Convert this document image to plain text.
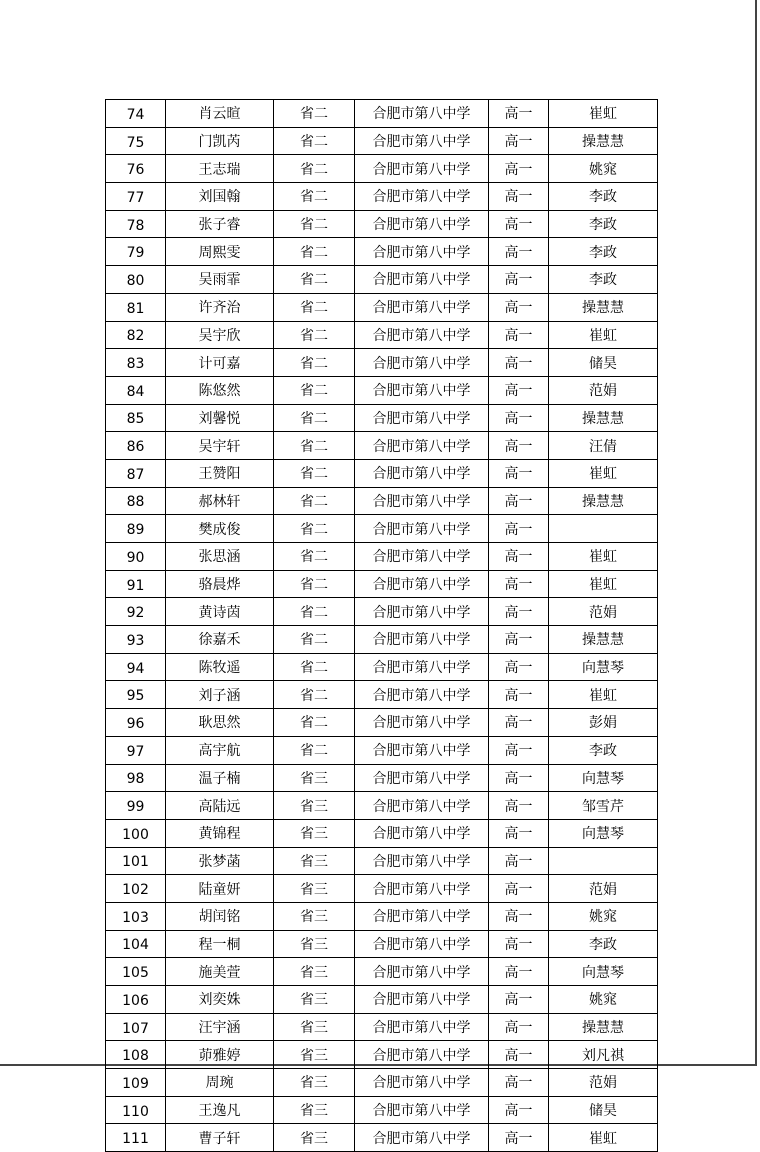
74	肖云暄	省二	合肥市第八中学	高一	崔虹
75	门凯芮	省二	合肥市第八中学	高一	操慧慧
76	王志瑞	省二	合肥市第八中学	高一	姚窕
77	刘国翰	省二	合肥市第八中学	高一	李政
78	张子睿	省二	合肥市第八中学	高一	李政
79	周熙雯	省二	合肥市第八中学	高一	李政
80	吴雨霏	省二	合肥市第八中学	高一	李政
81	许齐治	省二	合肥市第八中学	高一	操慧慧
82	吴宇欣	省二	合肥市第八中学	高一	崔虹
83	计可嘉	省二	合肥市第八中学	高一	储昊
84	陈悠然	省二	合肥市第八中学	高一	范娟
85	刘馨悦	省二	合肥市第八中学	高一	操慧慧
86	吴宇轩	省二	合肥市第八中学	高一	汪倩
87	王赞阳	省二	合肥市第八中学	高一	崔虹
88	郝林轩	省二	合肥市第八中学	高一	操慧慧
89	樊成俊	省二	合肥市第八中学	高一	
90	张思涵	省二	合肥市第八中学	高一	崔虹
91	骆晨烨	省二	合肥市第八中学	高一	崔虹
92	黄诗茵	省二	合肥市第八中学	高一	范娟
93	徐嘉禾	省二	合肥市第八中学	高一	操慧慧
94	陈牧遥	省二	合肥市第八中学	高一	向慧琴
95	刘子涵	省二	合肥市第八中学	高一	崔虹
96	耿思然	省二	合肥市第八中学	高一	彭娟
97	高宇航	省二	合肥市第八中学	高一	李政
98	温子楠	省三	合肥市第八中学	高一	向慧琴
99	高陆远	省三	合肥市第八中学	高一	邹雪芹
100	黄锦程	省三	合肥市第八中学	高一	向慧琴
101	张梦菡	省三	合肥市第八中学	高一	
102	陆童妍	省三	合肥市第八中学	高一	范娟
103	胡闰铭	省三	合肥市第八中学	高一	姚窕
104	程一桐	省三	合肥市第八中学	高一	李政
105	施美萱	省三	合肥市第八中学	高一	向慧琴
106	刘奕姝	省三	合肥市第八中学	高一	姚窕
107	汪宇涵	省三	合肥市第八中学	高一	操慧慧
108	茆雅婷	省三	合肥市第八中学	高一	刘凡祺
109	周琬	省三	合肥市第八中学	高一	范娟
110	王逸凡	省三	合肥市第八中学	高一	储昊
111	曹子轩	省三	合肥市第八中学	高一	崔虹
